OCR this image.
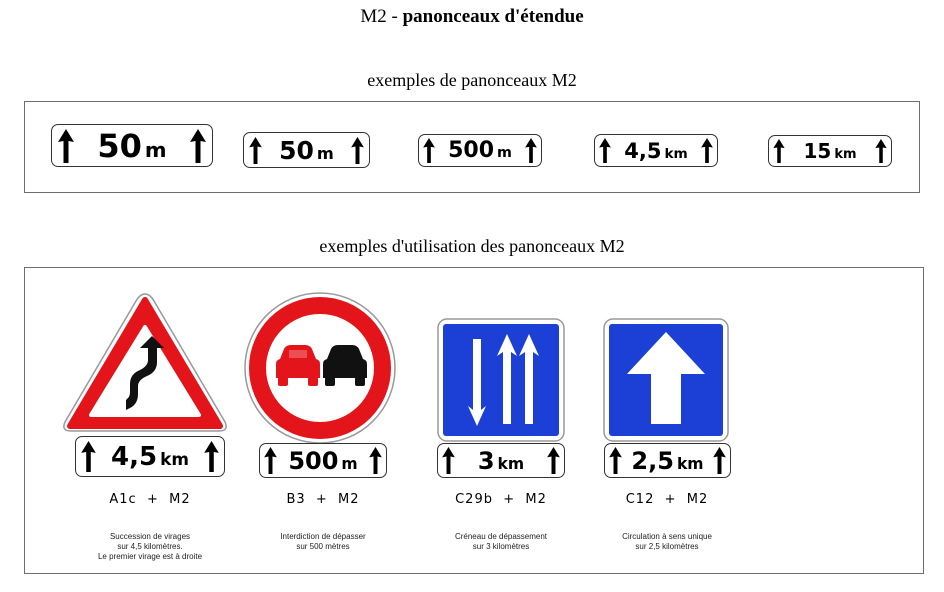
M2 - panonceaux d'étendue
exemples de panonceaux M2
50 m	50 m	500 m	4,5 km	15 km
exemples d'utilisation des panonceaux M2
4,5 km	500 m	3 km	2,5 km
A1c  +  M2	B3  +  M2	C29b  +  M2	C12  +  M2
Succession de virages
sur 4,5 kilomètres.
Le premier virage est à droite
Interdiction de dépasser
sur 500 mètres
Créneau de dépassement
sur 3 kilomètres
Circulation à sens unique
sur 2,5 kilomètres
